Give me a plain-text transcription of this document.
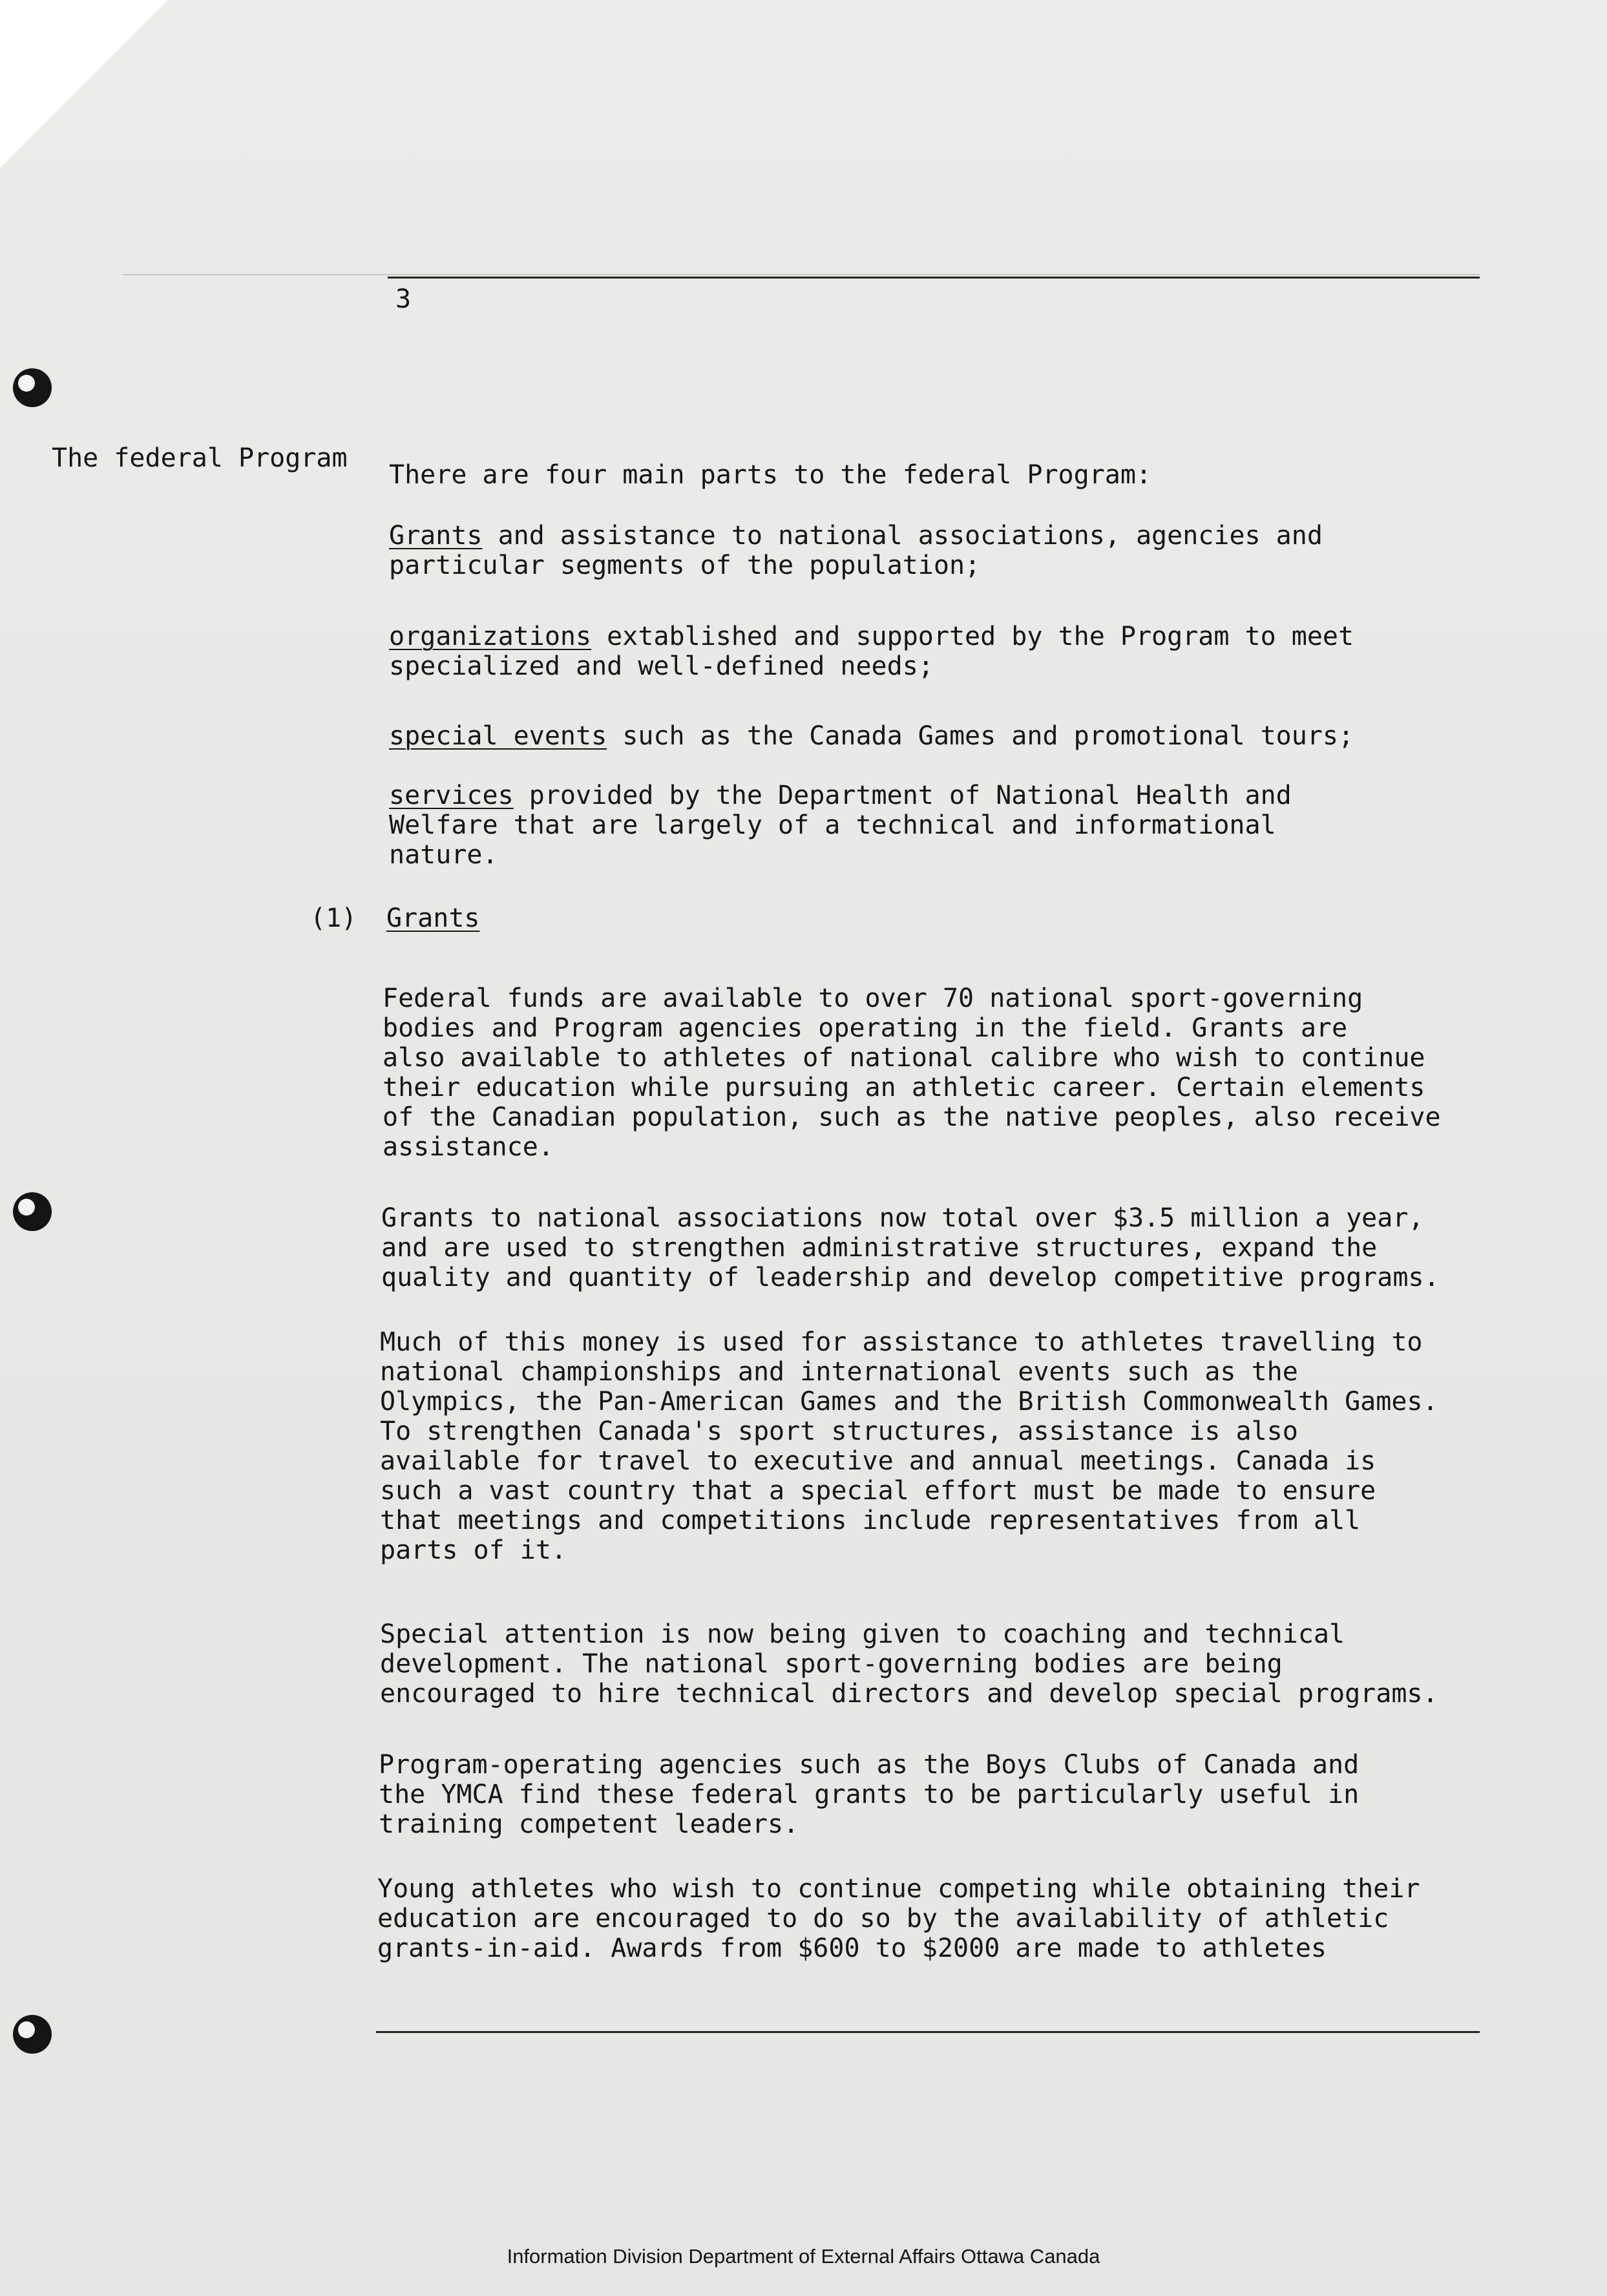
3
The federal Program
There are four main parts to the federal Program:
Grants and assistance to national associations, agencies and
particular segments of the population;
organizations extablished and supported by the Program to meet
specialized and well-defined needs;
special events such as the Canada Games and promotional tours;
services provided by the Department of National Health and
Welfare that are largely of a technical and informational
nature.
(1) Grants
Federal funds are available to over 70 national sport-governing
bodies and Program agencies operating in the field. Grants are
also available to athletes of national calibre who wish to continue
their education while pursuing an athletic career. Certain elements
of the Canadian population, such as the native peoples, also receive
assistance.
Grants to national associations now total over $3.5 million a year,
and are used to strengthen administrative structures, expand the
quality and quantity of leadership and develop competitive programs.
Much of this money is used for assistance to athletes travelling to
national championships and international events such as the
Olympics, the Pan-American Games and the British Commonwealth Games.
To strengthen Canada's sport structures, assistance is also
available for travel to executive and annual meetings. Canada is
such a vast country that a special effort must be made to ensure
that meetings and competitions include representatives from all
parts of it.
Special attention is now being given to coaching and technical
development. The national sport-governing bodies are being
encouraged to hire technical directors and develop special programs.
Program-operating agencies such as the Boys Clubs of Canada and
the YMCA find these federal grants to be particularly useful in
training competent leaders.
Young athletes who wish to continue competing while obtaining their
education are encouraged to do so by the availability of athletic
grants-in-aid. Awards from $600 to $2000 are made to athletes
Information Division Department of External Affairs Ottawa Canada
